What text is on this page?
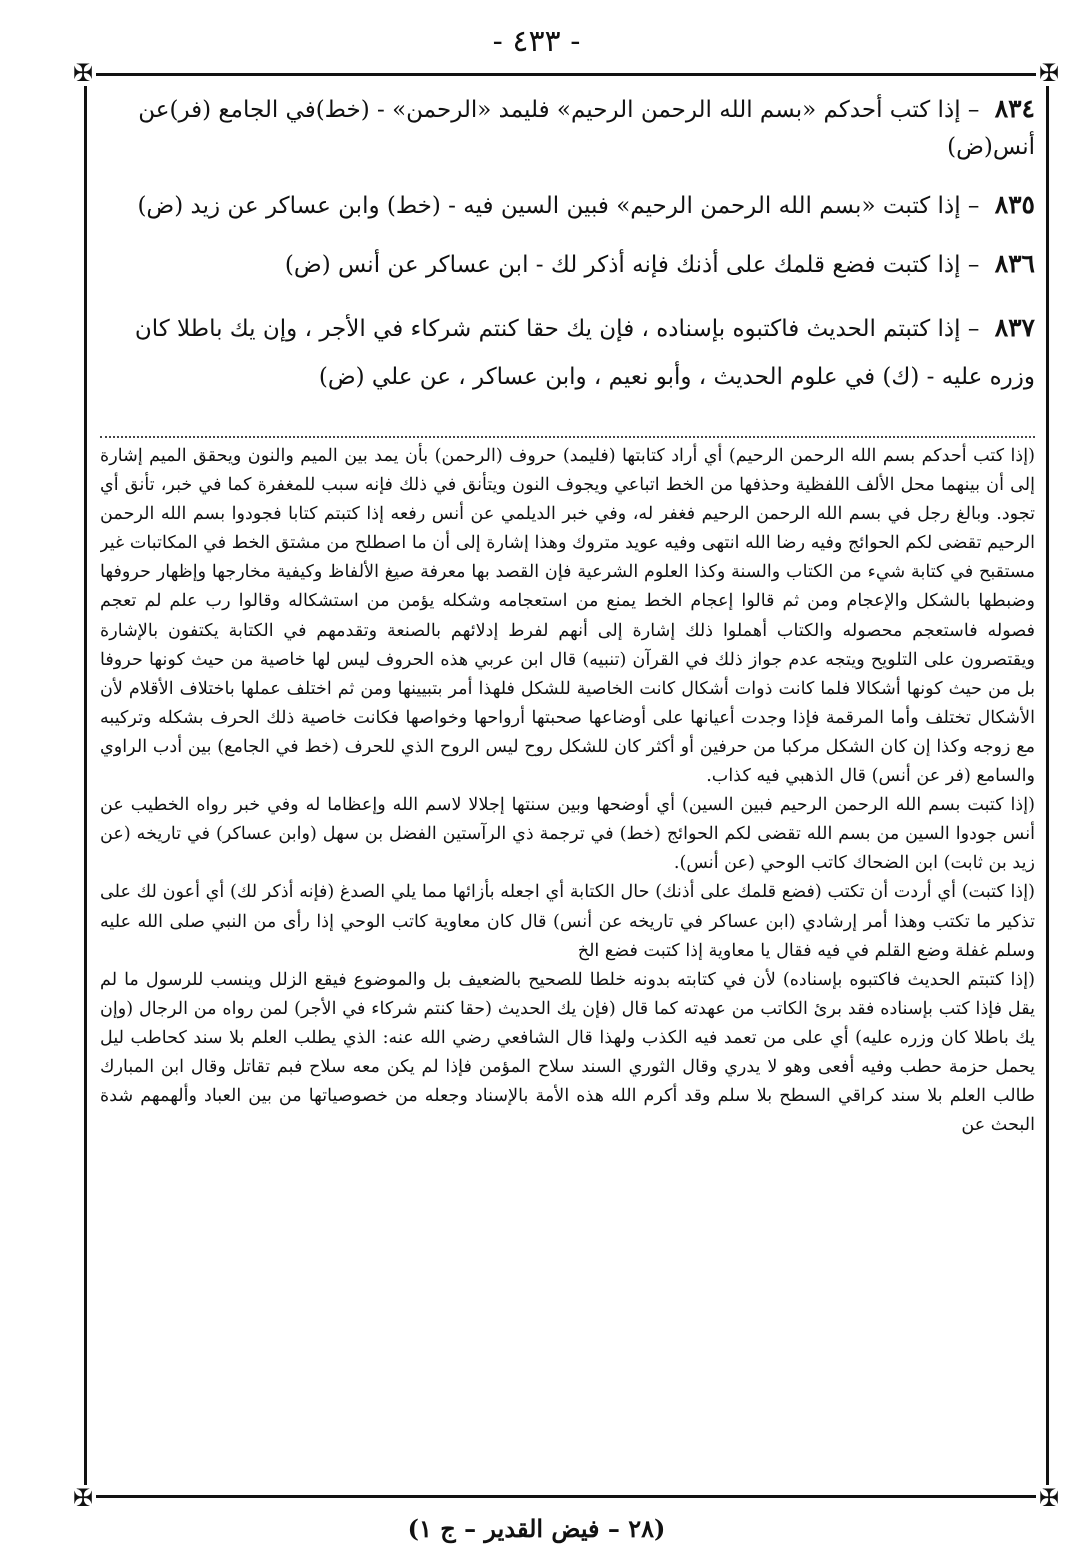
- ٤٣٣ -
✠	✠
✠	✠
٨٣٤ – إذا كتب أحدكم «بسم الله الرحمن الرحيم» فليمد «الرحمن» - (خط)في الجامع (فر)عن أنس(ض)
٨٣٥ – إذا كتبت «بسم الله الرحمن الرحيم» فبين السين فيه - (خط) وابن عساكر عن زيد (ض)
٨٣٦ – إذا كتبت فضع قلمك على أذنك فإنه أذكر لك - ابن عساكر عن أنس (ض)
٨٣٧ – إذا كتبتم الحديث فاكتبوه بإسناده ، فإن يك حقا كنتم شركاء في الأجر ، وإن يك باطلا كان وزره عليه - (ك) في علوم الحديث ، وأبو نعيم ، وابن عساكر ، عن علي (ض)

(إذا كتب أحدكم بسم الله الرحمن الرحيم) أي أراد كتابتها (فليمد) حروف (الرحمن) بأن يمد بين الميم والنون ويحقق الميم إشارة إلى أن بينهما محل الألف اللفظية وحذفها من الخط اتباعي ويجوف النون ويتأنق في ذلك فإنه سبب للمغفرة كما في خبر، تأنق أي تجود. وبالغ رجل في بسم الله الرحمن الرحيم فغفر له، وفي خبر الديلمي عن أنس رفعه إذا كتبتم كتابا فجودوا بسم الله الرحمن الرحيم تقضى لكم الحوائج وفيه رضا الله انتهى وفيه عويد متروك وهذا إشارة إلى أن ما اصطلح من مشتق الخط في المكاتبات غير مستقبح في كتابة شيء من الكتاب والسنة وكذا العلوم الشرعية فإن القصد بها معرفة صيغ الألفاظ وكيفية مخارجها وإظهار حروفها وضبطها بالشكل والإعجام ومن ثم قالوا إعجام الخط يمنع من استعجامه وشكله يؤمن من استشكاله وقالوا رب علم لم تعجم فصوله فاستعجم محصوله والكتاب أهملوا ذلك إشارة إلى أنهم لفرط إدلائهم بالصنعة وتقدمهم في الكتابة يكتفون بالإشارة ويقتصرون على التلويح ويتجه عدم جواز ذلك في القرآن (تنبيه) قال ابن عربي هذه الحروف ليس لها خاصية من حيث كونها حروفا بل من حيث كونها أشكالا فلما كانت ذوات أشكال كانت الخاصية للشكل فلهذا أمر بتبيينها ومن ثم اختلف عملها باختلاف الأقلام لأن الأشكال تختلف وأما المرقمة فإذا وجدت أعيانها على أوضاعها صحبتها أرواحها وخواصها فكانت خاصية ذلك الحرف بشكله وتركيبه مع زوجه وكذا إن كان الشكل مركبا من حرفين أو أكثر كان للشكل روح ليس الروح الذي للحرف (خط في الجامع) بين أدب الراوي والسامع (فر عن أنس) قال الذهبي فيه كذاب.

(إذا كتبت بسم الله الرحمن الرحيم فبين السين) أي أوضحها وبين سنتها إجلالا لاسم الله وإعظاما له وفي خبر رواه الخطيب عن أنس جودوا السين من بسم الله تقضى لكم الحوائج (خط) في ترجمة ذي الرآستين الفضل بن سهل (وابن عساكر) في تاريخه (عن زيد بن ثابت) ابن الضحاك كاتب الوحي (عن أنس).

(إذا كتبت) أي أردت أن تكتب (فضع قلمك على أذنك) حال الكتابة أي اجعله بأزائها مما يلي الصدغ (فإنه أذكر لك) أي أعون لك على تذكير ما تكتب وهذا أمر إرشادي (ابن عساكر في تاريخه عن أنس) قال كان معاوية كاتب الوحي إذا رأى من النبي صلى الله عليه وسلم غفلة وضع القلم في فيه فقال يا معاوية إذا كتبت فضع الخ

(إذا كتبتم الحديث فاكتبوه بإسناده) لأن في كتابته بدونه خلطا للصحيح بالضعيف بل والموضوع فيقع الزلل وينسب للرسول ما لم يقل فإذا كتب بإسناده فقد برئ الكاتب من عهدته كما قال (فإن يك الحديث (حقا كنتم شركاء في الأجر) لمن رواه من الرجال (وإن يك باطلا كان وزره عليه) أي على من تعمد فيه الكذب ولهذا قال الشافعي رضي الله عنه: الذي يطلب العلم بلا سند كحاطب ليل يحمل حزمة حطب وفيه أفعى وهو لا يدري وقال الثوري السند سلاح المؤمن فإذا لم يكن معه سلاح فبم تقاتل وقال ابن المبارك طالب العلم بلا سند كراقي السطح بلا سلم وقد أكرم الله هذه الأمة بالإسناد وجعله من خصوصياتها من بين العباد وألهمهم شدة البحث عن

(٢٨ – فيض القدير – ج ١)
